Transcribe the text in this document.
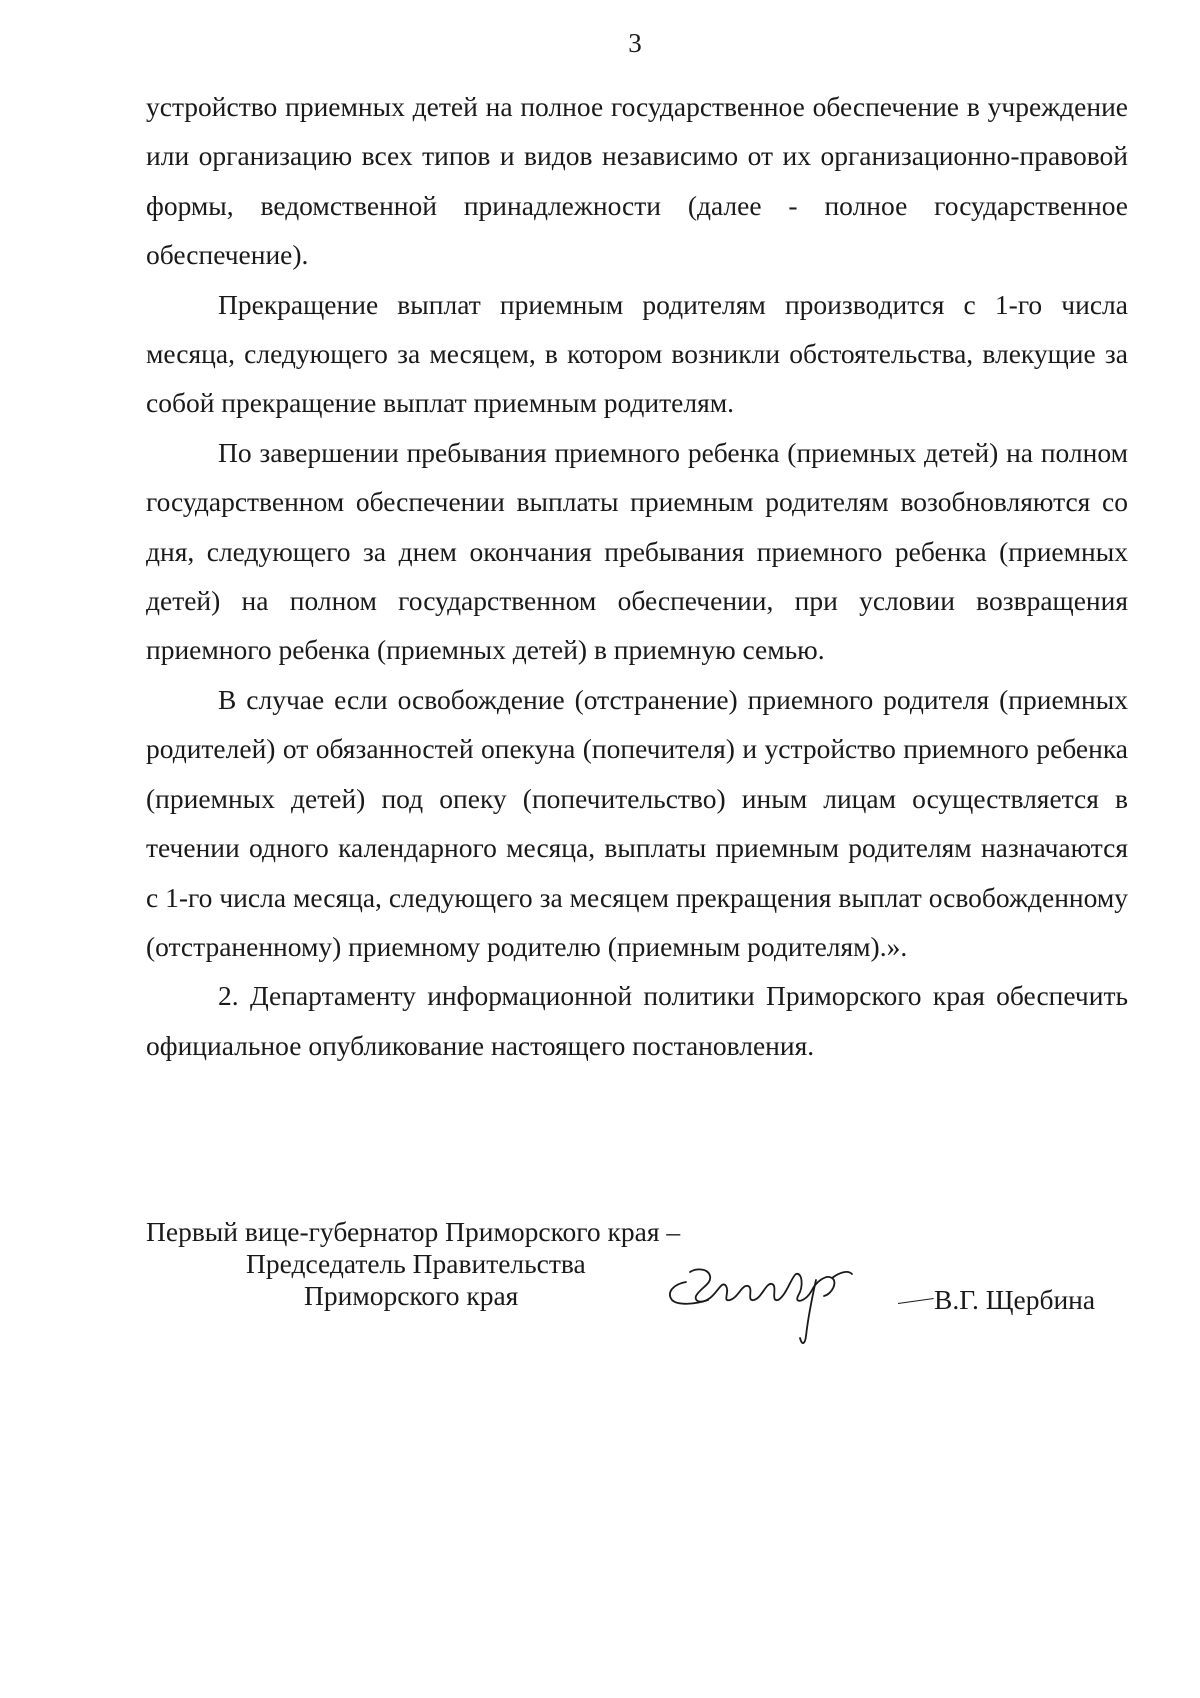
3

устройство приемных детей на полное государственное обеспечение в учреждение или организацию всех типов и видов независимо от их организационно-правовой формы, ведомственной принадлежности (далее - полное государственное обеспечение).

Прекращение выплат приемным родителям производится с 1-го числа месяца, следующего за месяцем, в котором возникли обстоятельства, влекущие за собой прекращение выплат приемным родителям.

По завершении пребывания приемного ребенка (приемных детей) на полном государственном обеспечении выплаты приемным родителям возобновляются со дня, следующего за днем окончания пребывания приемного ребенка (приемных детей) на полном государственном обеспечении, при условии возвращения приемного ребенка (приемных детей) в приемную семью.

В случае если освобождение (отстранение) приемного родителя (приемных родителей) от обязанностей опекуна (попечителя) и устройство приемного ребенка (приемных детей) под опеку (попечительство) иным лицам осуществляется в течении одного календарного месяца, выплаты приемным родителям назначаются с 1-го числа месяца, следующего за месяцем прекращения выплат освобожденному (отстраненному) приемному родителю (приемным родителям).».

2. Департаменту информационной политики Приморского края обеспечить официальное опубликование настоящего постановления.

Первый вице-губернатор Приморского края –
Председатель Правительства
Приморского края	В.Г. Щербина
